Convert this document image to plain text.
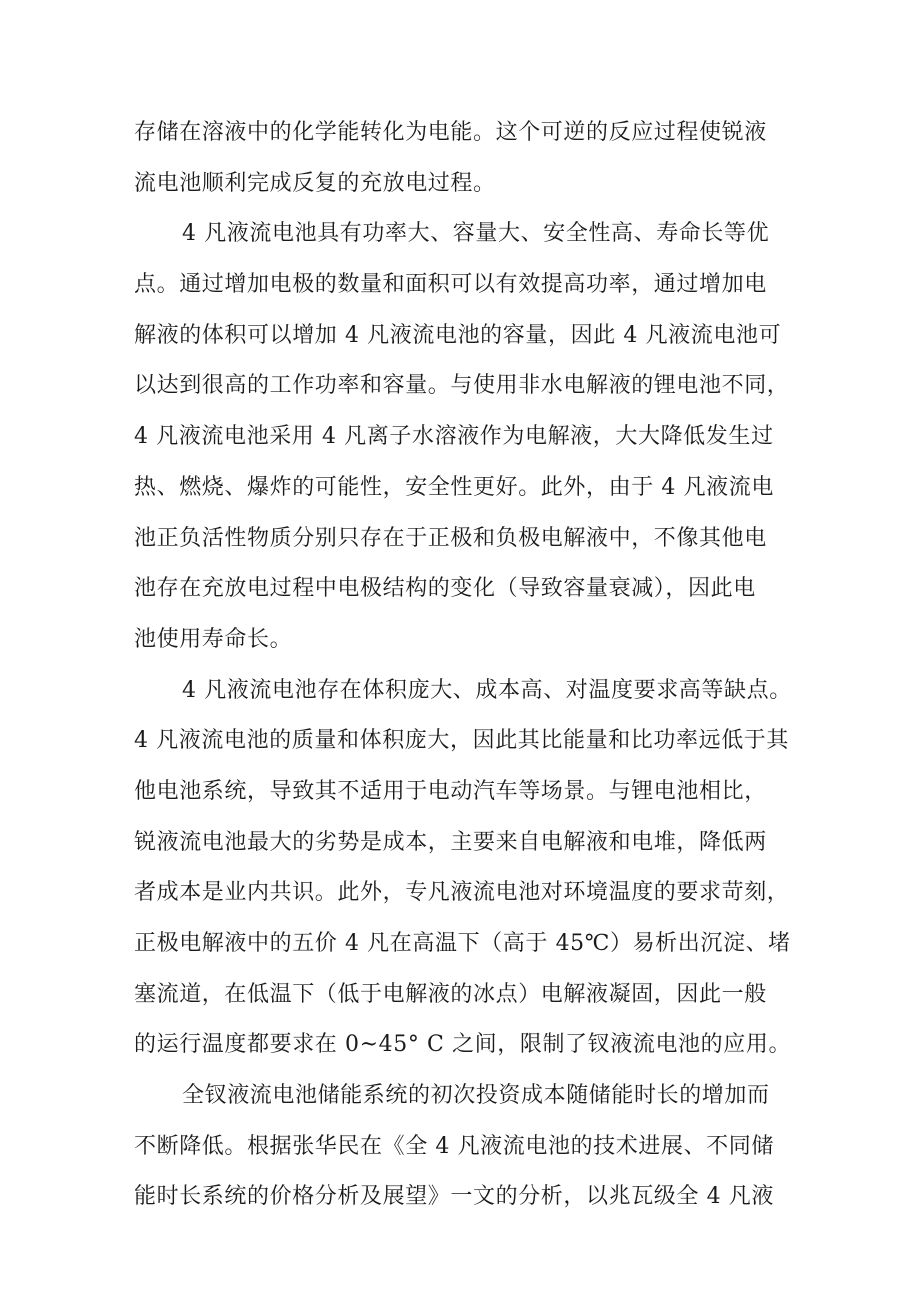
存储在溶液中的化学能转化为电能。这个可逆的反应过程使锐液
流电池顺利完成反复的充放电过程。
4 凡液流电池具有功率大、容量大、安全性高、寿命长等优
点。通过增加电极的数量和面积可以有效提高功率，通过增加电
解液的体积可以增加 4 凡液流电池的容量，因此 4 凡液流电池可
以达到很高的工作功率和容量。与使用非水电解液的锂电池不同，
4 凡液流电池采用 4 凡离子水溶液作为电解液，大大降低发生过
热、燃烧、爆炸的可能性，安全性更好。此外，由于 4 凡液流电
池正负活性物质分别只存在于正极和负极电解液中，不像其他电
池存在充放电过程中电极结构的变化（导致容量衰减），因此电
池使用寿命长。
4 凡液流电池存在体积庞大、成本高、对温度要求高等缺点。
4 凡液流电池的质量和体积庞大，因此其比能量和比功率远低于其
他电池系统，导致其不适用于电动汽车等场景。与锂电池相比，
锐液流电池最大的劣势是成本，主要来自电解液和电堆，降低两
者成本是业内共识。此外，专凡液流电池对环境温度的要求苛刻，
正极电解液中的五价 4 凡在高温下（高于 45℃）易析出沉淀、堵
塞流道，在低温下（低于电解液的冰点）电解液凝固，因此一般
的运行温度都要求在 0~45° C 之间，限制了钗液流电池的应用。
全钗液流电池储能系统的初次投资成本随储能时长的增加而
不断降低。根据张华民在《全 4 凡液流电池的技术进展、不同储
能时长系统的价格分析及展望》一文的分析，以兆瓦级全 4 凡液
